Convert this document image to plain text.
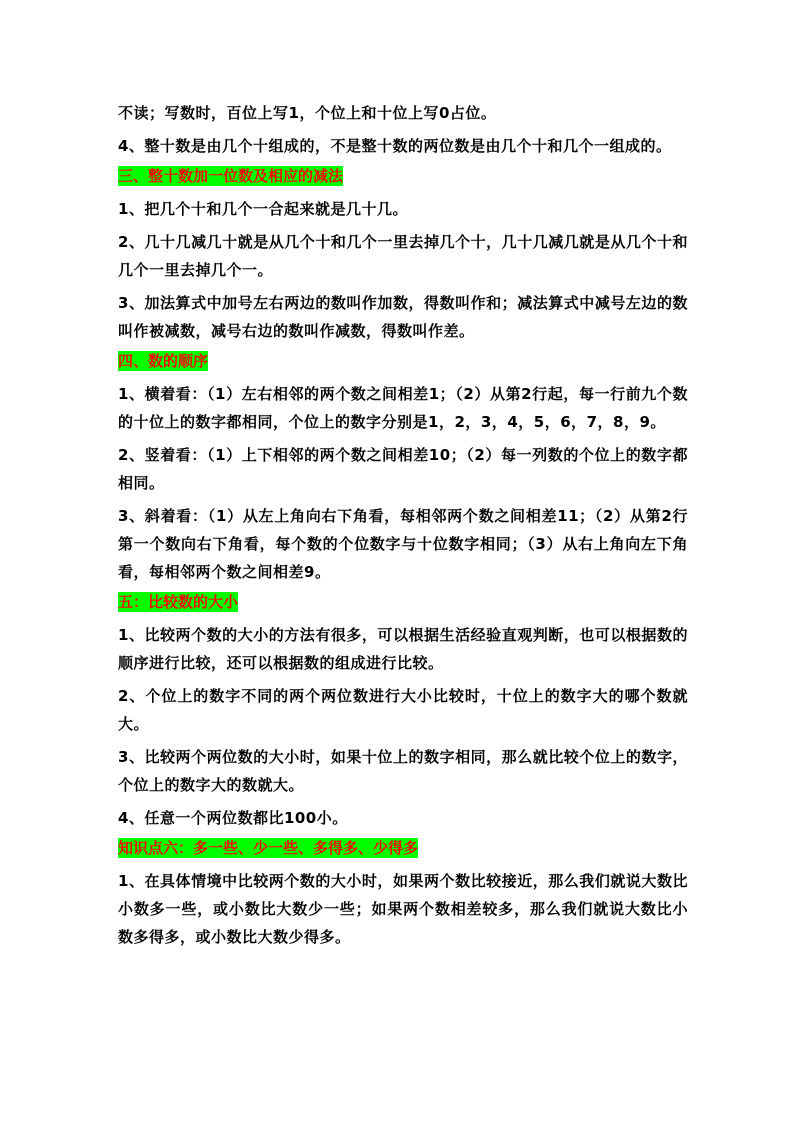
不读；写数时，百位上写1，个位上和十位上写0占位。

4、整十数是由几个十组成的，不是整十数的两位数是由几个十和几个一组成的。

三、整十数加一位数及相应的减法

1、把几个十和几个一合起来就是几十几。

2、几十几减几十就是从几个十和几个一里去掉几个十，几十几减几就是从几个十和几个一里去掉几个一。

3、加法算式中加号左右两边的数叫作加数，得数叫作和；减法算式中减号左边的数叫作被减数，减号右边的数叫作减数，得数叫作差。

四、数的顺序

1、横着看：（1）左右相邻的两个数之间相差1；（2）从第2行起，每一行前九个数的十位上的数字都相同，个位上的数字分别是1，2，3，4，5，6，7，8，9。

2、竖着看：（1）上下相邻的两个数之间相差10；（2）每一列数的个位上的数字都相同。

3、斜着看：（1）从左上角向右下角看，每相邻两个数之间相差11；（2）从第2行第一个数向右下角看，每个数的个位数字与十位数字相同；（3）从右上角向左下角看，每相邻两个数之间相差9。

五：比较数的大小

1、比较两个数的大小的方法有很多，可以根据生活经验直观判断，也可以根据数的顺序进行比较，还可以根据数的组成进行比较。

2、个位上的数字不同的两个两位数进行大小比较时，十位上的数字大的哪个数就大。

3、比较两个两位数的大小时，如果十位上的数字相同，那么就比较个位上的数字，个位上的数字大的数就大。

4、任意一个两位数都比100小。

知识点六：多一些、少一些、多得多、少得多

1、在具体情境中比较两个数的大小时，如果两个数比较接近，那么我们就说大数比小数多一些，或小数比大数少一些；如果两个数相差较多，那么我们就说大数比小数多得多，或小数比大数少得多。
